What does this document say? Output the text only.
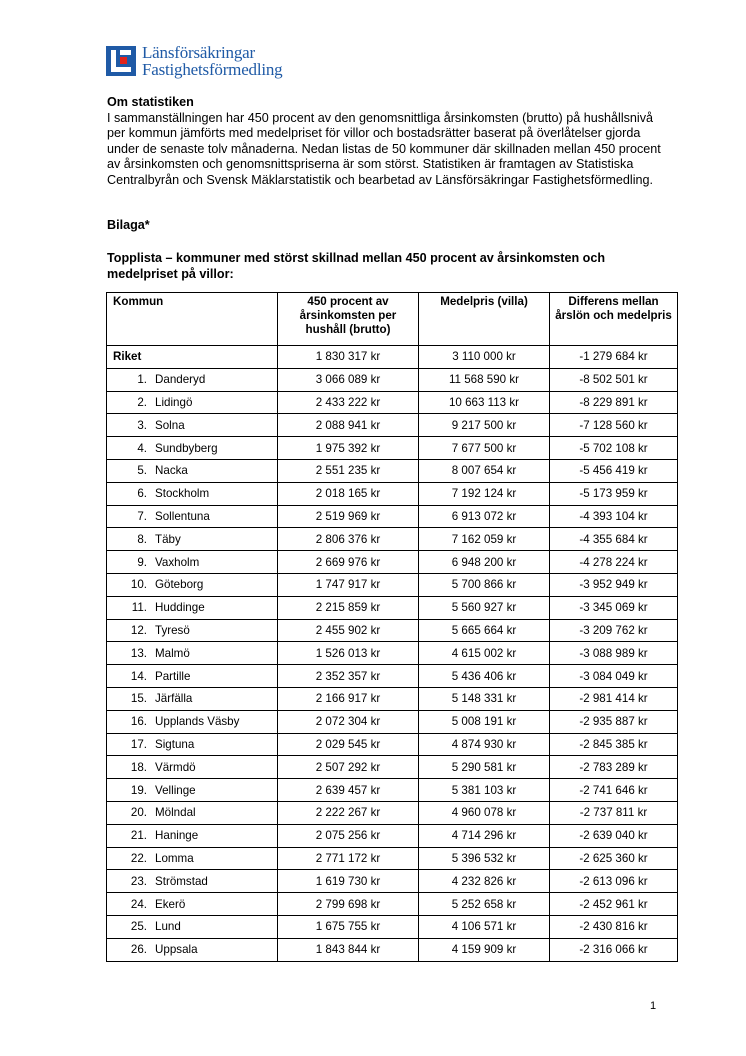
Länsförsäkringar
Fastighetsförmedling
Om statistiken

I sammanställningen har 450 procent av den genomsnittliga årsinkomsten (brutto) på hushållsnivå per kommun jämförts med medelpriset för villor och bostadsrätter baserat på överlåtelser gjorda under de senaste tolv månaderna. Nedan listas de 50 kommuner där skillnaden mellan 450 procent av årsinkomsten och genomsnittspriserna är som störst. Statistiken är framtagen av Statistiska Centralbyrån och Svensk Mäklarstatistik och bearbetad av Länsförsäkringar Fastighetsförmedling.

Bilaga*
Topplista – kommuner med störst skillnad mellan 450 procent av årsinkomsten och medelpriset på villor:
Kommun	450 procent av årsinkomsten per hushåll (brutto)	Medelpris (villa)	Differens mellan årslön och medelpris
Riket	1 830 317 kr	3 110 000 kr	-1 279 684 kr
1. Danderyd	3 066 089 kr	11 568 590 kr	-8 502 501 kr
2. Lidingö	2 433 222 kr	10 663 113 kr	-8 229 891 kr
3. Solna	2 088 941 kr	9 217 500 kr	-7 128 560 kr
4. Sundbyberg	1 975 392 kr	7 677 500 kr	-5 702 108 kr
5. Nacka	2 551 235 kr	8 007 654 kr	-5 456 419 kr
6. Stockholm	2 018 165 kr	7 192 124 kr	-5 173 959 kr
7. Sollentuna	2 519 969 kr	6 913 072 kr	-4 393 104 kr
8. Täby	2 806 376 kr	7 162 059 kr	-4 355 684 kr
9. Vaxholm	2 669 976 kr	6 948 200 kr	-4 278 224 kr
10. Göteborg	1 747 917 kr	5 700 866 kr	-3 952 949 kr
11. Huddinge	2 215 859 kr	5 560 927 kr	-3 345 069 kr
12. Tyresö	2 455 902 kr	5 665 664 kr	-3 209 762 kr
13. Malmö	1 526 013 kr	4 615 002 kr	-3 088 989 kr
14. Partille	2 352 357 kr	5 436 406 kr	-3 084 049 kr
15. Järfälla	2 166 917 kr	5 148 331 kr	-2 981 414 kr
16. Upplands Väsby	2 072 304 kr	5 008 191 kr	-2 935 887 kr
17. Sigtuna	2 029 545 kr	4 874 930 kr	-2 845 385 kr
18. Värmdö	2 507 292 kr	5 290 581 kr	-2 783 289 kr
19. Vellinge	2 639 457 kr	5 381 103 kr	-2 741 646 kr
20. Mölndal	2 222 267 kr	4 960 078 kr	-2 737 811 kr
21. Haninge	2 075 256 kr	4 714 296 kr	-2 639 040 kr
22. Lomma	2 771 172 kr	5 396 532 kr	-2 625 360 kr
23. Strömstad	1 619 730 kr	4 232 826 kr	-2 613 096 kr
24. Ekerö	2 799 698 kr	5 252 658 kr	-2 452 961 kr
25. Lund	1 675 755 kr	4 106 571 kr	-2 430 816 kr
26. Uppsala	1 843 844 kr	4 159 909 kr	-2 316 066 kr
1
